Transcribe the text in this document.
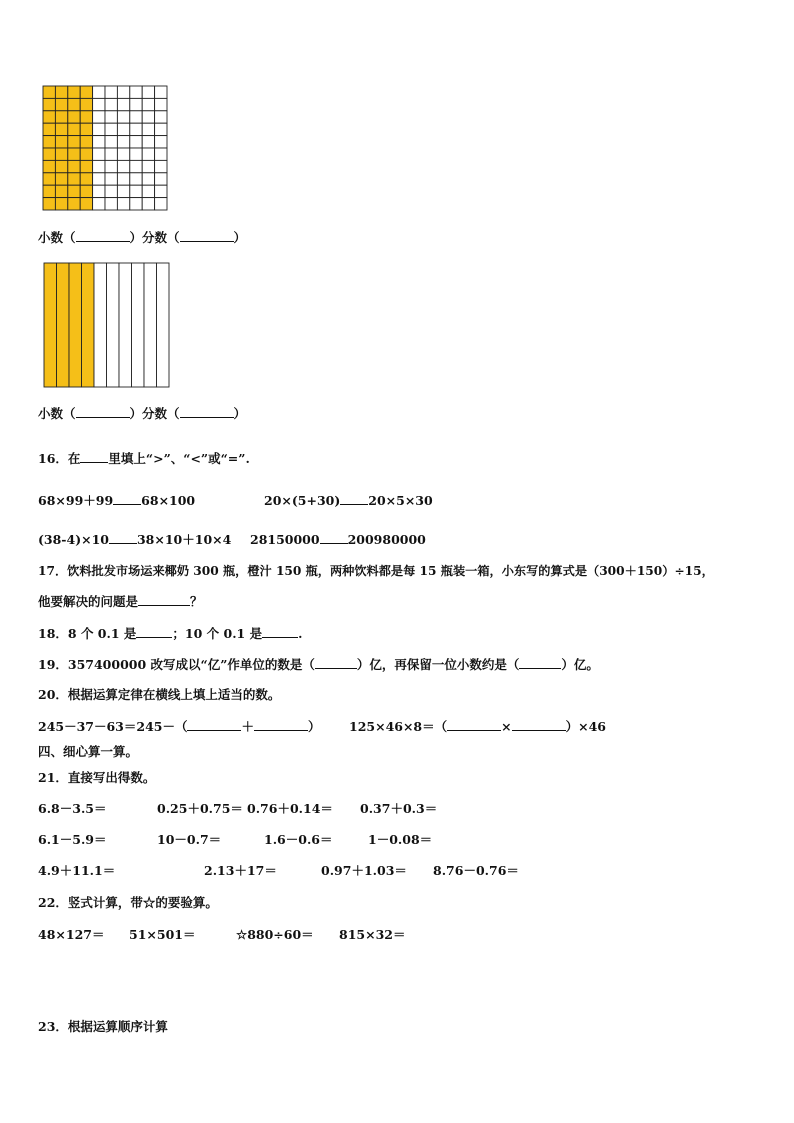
小数（	）分数（	）
小数（	）分数（	）
16．在 里填上“>”、“<”或“=”.
68×99＋99 68×100	20×(5+30) 20×5×30
(38-4)×10 38×10＋10×4 28150000 200980000
17．饮料批发市场运来椰奶 300 瓶，橙汁 150 瓶，两种饮料都是每 15 瓶装一箱，小东写的算式是（300＋150）÷15，
他要解决的问题是	？
18．8 个 0.1 是	；10 个 0.1 是	.
19．357400000 改写成以“亿”作单位的数是（	）亿，再保留一位小数约是（	）亿。
20．根据运算定律在横线上填上适当的数。
245－37－63＝245－（	＋	） 125×46×8＝（	×	）×46
四、细心算一算。
21．直接写出得数。
6.8－3.5＝	0.25＋0.75＝ 0.76＋0.14＝ 0.37＋0.3＝
6.1－5.9＝	10－0.7＝	1.6－0.6＝	1－0.08＝
4.9＋11.1＝	2.13＋17＝	0.97＋1.03＝ 8.76－0.76＝
22．竖式计算，带☆的要验算。
48×127＝ 51×501＝	☆880÷60＝ 815×32＝
23．根据运算顺序计算
